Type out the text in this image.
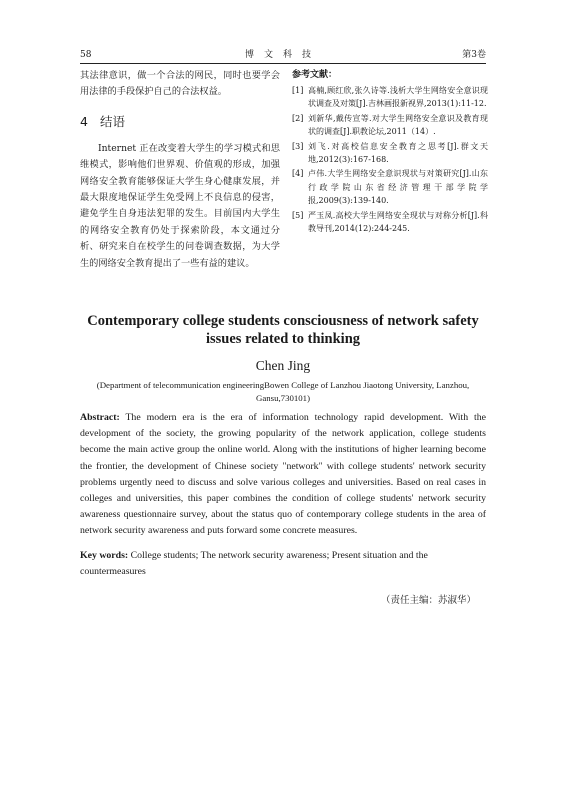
58	博文科技	第3卷

其法律意识，做一个合法的网民，同时也要学会用法律的手段保护自己的合法权益。

4 结语

Internet 正在改变着大学生的学习模式和思维模式，影响他们世界观、价值观的形成，加强网络安全教育能够保证大学生身心健康发展，并最大限度地保证学生免受网上不良信息的侵害，避免学生自身违法犯罪的发生。目前国内大学生的网络安全教育仍处于探索阶段，本文通过分析、研究来自在校学生的问卷调查数据，为大学生的网络安全教育提出了一些有益的建议。

参考文献：
[1] 高楠,顾红欣,张久诗等.浅析大学生网络安全意识现状调查及对策[J].吉林画报新视界,2013(1):11-12.
[2] 刘新华,戴传宣等.对大学生网络安全意识及教育现状的调查[J].职教论坛,2011（14）.
[3] 刘飞.对高校信息安全教育之思考[J].群文天地,2012(3):167-168.
[4] 卢伟.大学生网络安全意识现状与对策研究[J].山东行政学院山东省经济管理干部学院学报,2009(3):139-140.
[5] 严玉凤.高校大学生网络安全现状与对称分析[J].科教导刊,2014(12):244-245.
Contemporary college students consciousness of network safety
issues related to thinking
Chen Jing
(Department of telecommunication engineeringBowen College of Lanzhou Jiaotong University, Lanzhou,
Gansu,730101)
Abstract: The modern era is the era of information technology rapid development. With the development of the society, the growing popularity of the network application, college students become the main active group the online world. Along with the institutions of higher learning become the frontier, the development of Chinese society "network" with college students' network security problems urgently need to discuss and solve various colleges and universities. Based on real cases in colleges and universities, this paper combines the condition of college students' network security awareness questionnaire survey, about the status quo of contemporary college students in the area of network security awareness and puts forward some concrete measures.
Key words: College students; The network security awareness; Present situation and the countermeasures
（责任主编：苏淑华）
